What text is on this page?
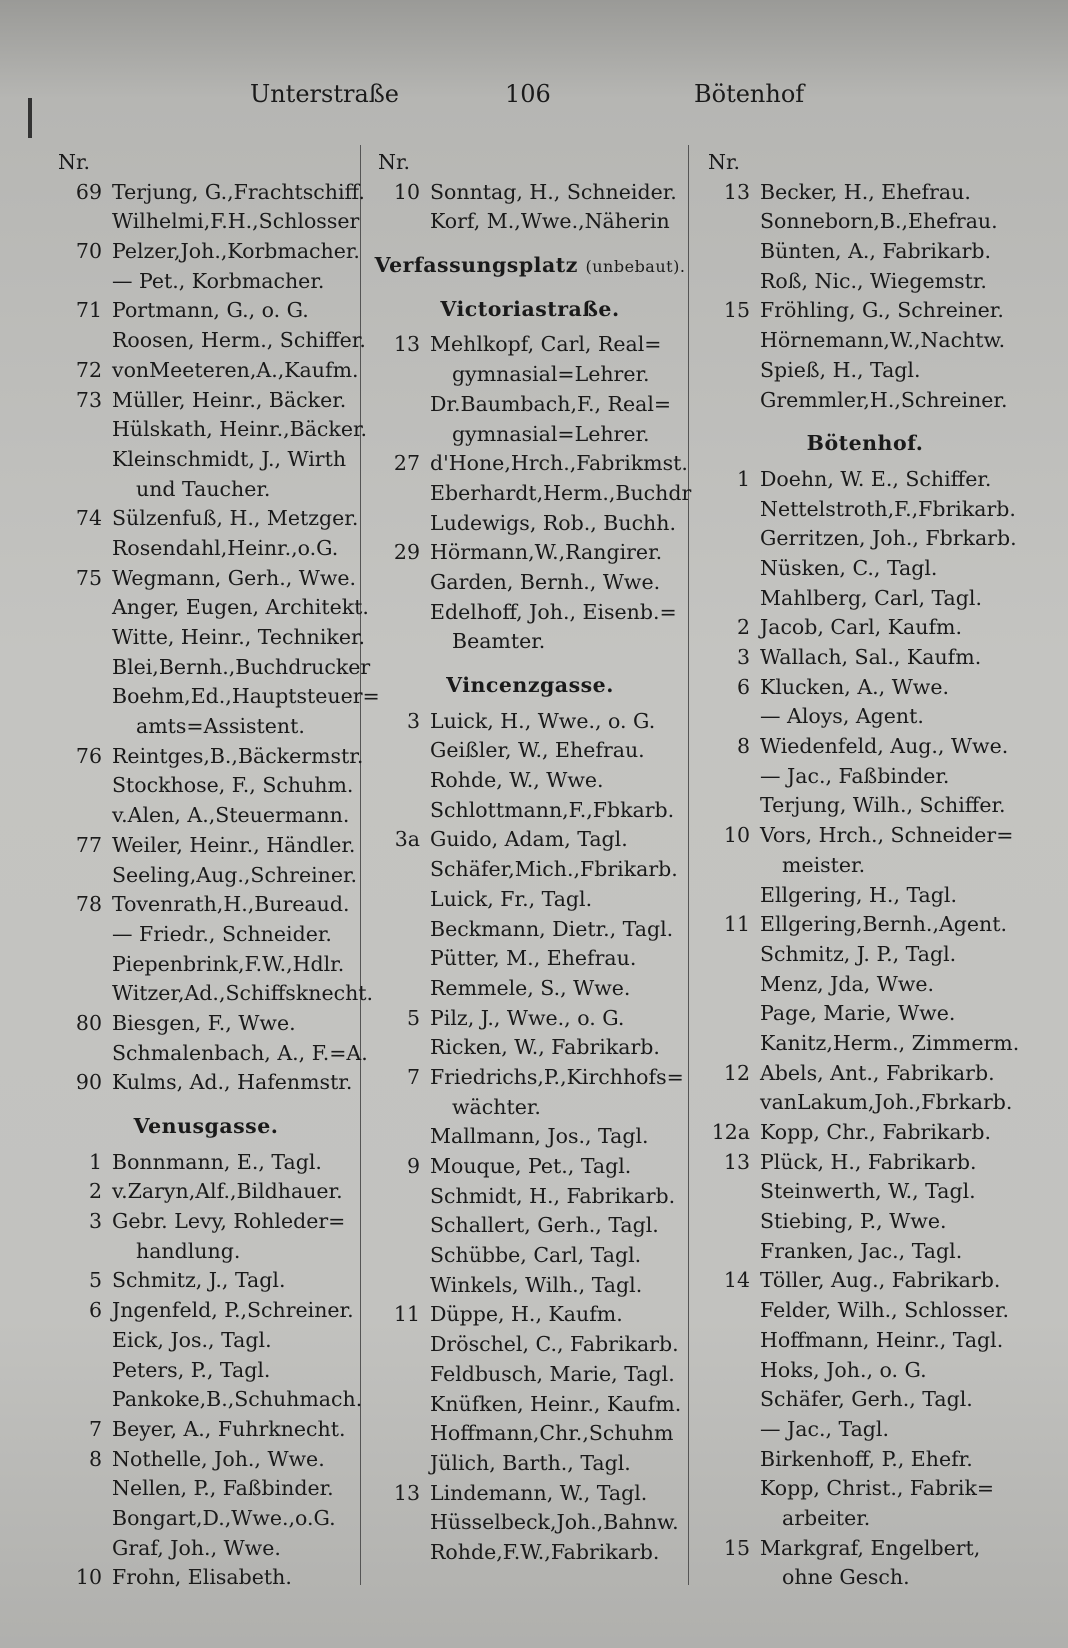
Unterstraße	106	Bötenhof
Nr.
69 Terjung, G.,Frachtschiff.
Wilhelmi,F.H.,Schlosser
70 Pelzer,Joh.,Korbmacher.
— Pet., Korbmacher.
71 Portmann, G., o. G.
Roosen, Herm., Schiffer.
72 vonMeeteren,A.,Kaufm.
73 Müller, Heinr., Bäcker.
Hülskath, Heinr.,Bäcker.
Kleinschmidt, J., Wirth
und Taucher.
74 Sülzenfuß, H., Metzger.
Rosendahl,Heinr.,o.G.
75 Wegmann, Gerh., Wwe.
Anger, Eugen, Architekt.
Witte, Heinr., Techniker.
Blei,Bernh.,Buchdrucker
Boehm,Ed.,Hauptsteuer=
amts=Assistent.
76 Reintges,B.,Bäckermstr.
Stockhose, F., Schuhm.
v.Alen, A.,Steuermann.
77 Weiler, Heinr., Händler.
Seeling,Aug.,Schreiner.
78 Tovenrath,H.,Bureaud.
— Friedr., Schneider.
Piepenbrink,F.W.,Hdlr.
Witzer,Ad.,Schiffsknecht.
80 Biesgen, F., Wwe.
Schmalenbach, A., F.=A.
90 Kulms, Ad., Hafenmstr.
Venusgasse.
1 Bonnmann, E., Tagl.
2 v.Zaryn,Alf.,Bildhauer.
3 Gebr. Levy, Rohleder=
handlung.
5 Schmitz, J., Tagl.
6 Jngenfeld, P.,Schreiner.
Eick, Jos., Tagl.
Peters, P., Tagl.
Pankoke,B.,Schuhmach.
7 Beyer, A., Fuhrknecht.
8 Nothelle, Joh., Wwe.
Nellen, P., Faßbinder.
Bongart,D.,Wwe.,o.G.
Graf, Joh., Wwe.
10 Frohn, Elisabeth.
Nr.
10 Sonntag, H., Schneider.
Korf, M.,Wwe.,Näherin
Verfassungsplatz (unbebaut).
Victoriastraße.
13 Mehlkopf, Carl, Real=
gymnasial=Lehrer.
Dr.Baumbach,F., Real=
gymnasial=Lehrer.
27 d'Hone,Hrch.,Fabrikmst.
Eberhardt,Herm.,Buchdr
Ludewigs, Rob., Buchh.
29 Hörmann,W.,Rangirer.
Garden, Bernh., Wwe.
Edelhoff, Joh., Eisenb.=
Beamter.
Vincenzgasse.
3 Luick, H., Wwe., o. G.
Geißler, W., Ehefrau.
Rohde, W., Wwe.
Schlottmann,F.,Fbkarb.
3a Guido, Adam, Tagl.
Schäfer,Mich.,Fbrikarb.
Luick, Fr., Tagl.
Beckmann, Dietr., Tagl.
Pütter, M., Ehefrau.
Remmele, S., Wwe.
5 Pilz, J., Wwe., o. G.
Ricken, W., Fabrikarb.
7 Friedrichs,P.,Kirchhofs=
wächter.
Mallmann, Jos., Tagl.
9 Mouque, Pet., Tagl.
Schmidt, H., Fabrikarb.
Schallert, Gerh., Tagl.
Schübbe, Carl, Tagl.
Winkels, Wilh., Tagl.
11 Düppe, H., Kaufm.
Dröschel, C., Fabrikarb.
Feldbusch, Marie, Tagl.
Knüfken, Heinr., Kaufm.
Hoffmann,Chr.,Schuhm
Jülich, Barth., Tagl.
13 Lindemann, W., Tagl.
Hüsselbeck,Joh.,Bahnw.
Rohde,F.W.,Fabrikarb.
Nr.
13 Becker, H., Ehefrau.
Sonneborn,B.,Ehefrau.
Bünten, A., Fabrikarb.
Roß, Nic., Wiegemstr.
15 Fröhling, G., Schreiner.
Hörnemann,W.,Nachtw.
Spieß, H., Tagl.
Gremmler,H.,Schreiner.
Bötenhof.
1 Doehn, W. E., Schiffer.
Nettelstroth,F.,Fbrikarb.
Gerritzen, Joh., Fbrkarb.
Nüsken, C., Tagl.
Mahlberg, Carl, Tagl.
2 Jacob, Carl, Kaufm.
3 Wallach, Sal., Kaufm.
6 Klucken, A., Wwe.
— Aloys, Agent.
8 Wiedenfeld, Aug., Wwe.
— Jac., Faßbinder.
Terjung, Wilh., Schiffer.
10 Vors, Hrch., Schneider=
meister.
Ellgering, H., Tagl.
11 Ellgering,Bernh.,Agent.
Schmitz, J. P., Tagl.
Menz, Jda, Wwe.
Page, Marie, Wwe.
Kanitz,Herm., Zimmerm.
12 Abels, Ant., Fabrikarb.
vanLakum,Joh.,Fbrkarb.
12a Kopp, Chr., Fabrikarb.
13 Plück, H., Fabrikarb.
Steinwerth, W., Tagl.
Stiebing, P., Wwe.
Franken, Jac., Tagl.
14 Töller, Aug., Fabrikarb.
Felder, Wilh., Schlosser.
Hoffmann, Heinr., Tagl.
Hoks, Joh., o. G.
Schäfer, Gerh., Tagl.
— Jac., Tagl.
Birkenhoff, P., Ehefr.
Kopp, Christ., Fabrik=
arbeiter.
15 Markgraf, Engelbert,
ohne Gesch.
